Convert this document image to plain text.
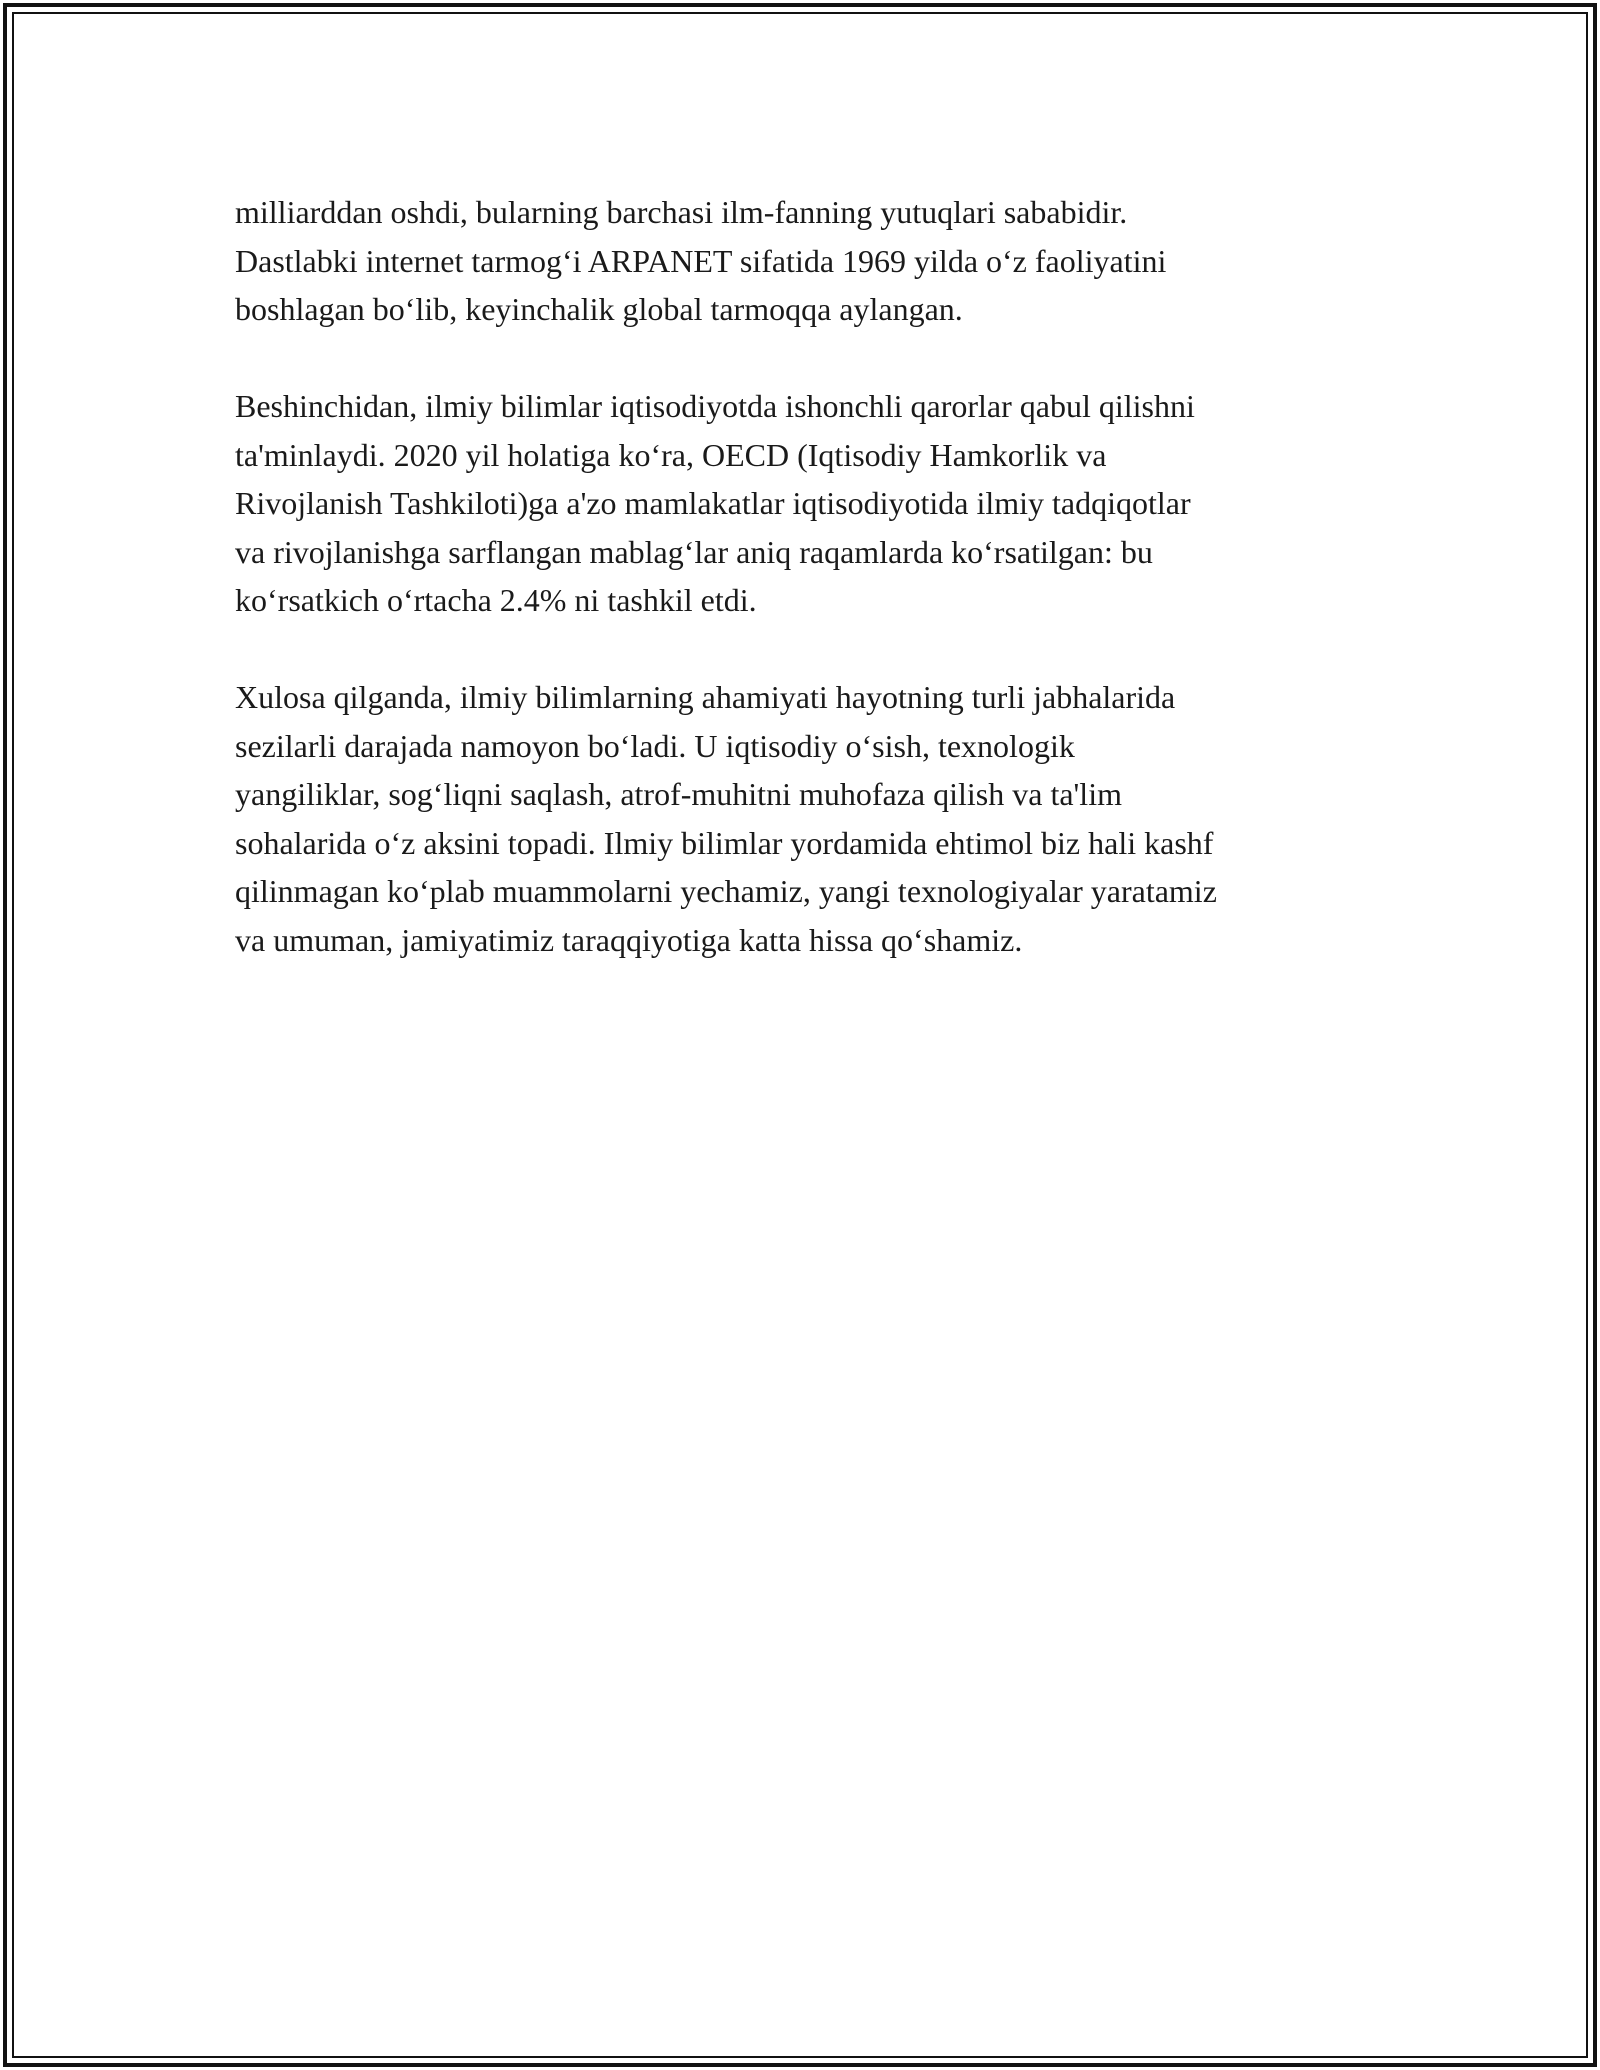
milliarddan oshdi, bularning barchasi ilm-fanning yutuqlari sababidir.
Dastlabki internet tarmog‘i ARPANET sifatida 1969 yilda o‘z faoliyatini
boshlagan bo‘lib, keyinchalik global tarmoqqa aylangan.

Beshinchidan, ilmiy bilimlar iqtisodiyotda ishonchli qarorlar qabul qilishni
ta'minlaydi. 2020 yil holatiga ko‘ra, OECD (Iqtisodiy Hamkorlik va
Rivojlanish Tashkiloti)ga a'zo mamlakatlar iqtisodiyotida ilmiy tadqiqotlar
va rivojlanishga sarflangan mablag‘lar aniq raqamlarda ko‘rsatilgan: bu
ko‘rsatkich o‘rtacha 2.4% ni tashkil etdi.

Xulosa qilganda, ilmiy bilimlarning ahamiyati hayotning turli jabhalarida
sezilarli darajada namoyon bo‘ladi. U iqtisodiy o‘sish, texnologik
yangiliklar, sog‘liqni saqlash, atrof-muhitni muhofaza qilish va ta'lim
sohalarida o‘z aksini topadi. Ilmiy bilimlar yordamida ehtimol biz hali kashf
qilinmagan ko‘plab muammolarni yechamiz, yangi texnologiyalar yaratamiz
va umuman, jamiyatimiz taraqqiyotiga katta hissa qo‘shamiz.
